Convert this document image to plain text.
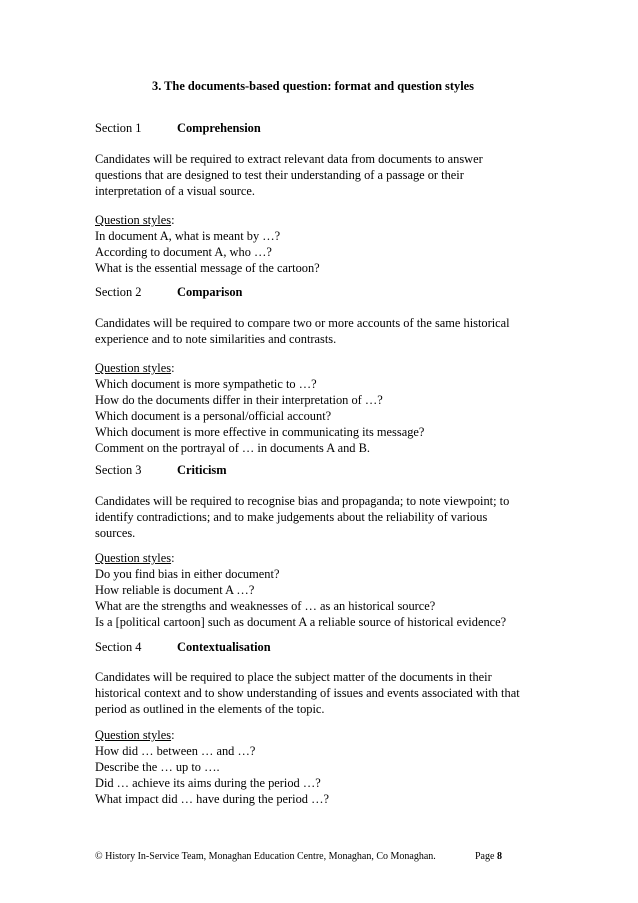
3. The documents-based question: format and question styles
Section 1	Comprehension
Candidates will be required to extract relevant data from documents to answer
questions that are designed to test their understanding of a passage or their
interpretation of a visual source.
Question styles:
In document A, what is meant by …?
According to document A, who …?
What is the essential message of the cartoon?
Section 2	Comparison
Candidates will be required to compare two or more accounts of the same historical
experience and to note similarities and contrasts.
Question styles:
Which document is more sympathetic to …?
How do the documents differ in their interpretation of …?
Which document is a personal/official account?
Which document is more effective in communicating its message?
Comment on the portrayal of … in documents A and B.
Section 3	Criticism
Candidates will be required to recognise bias and propaganda; to note viewpoint; to
identify contradictions; and to make judgements about the reliability of various
sources.
Question styles:
Do you find bias in either document?
How reliable is document A …?
What are the strengths and weaknesses of … as an historical source?
Is a [political cartoon] such as document A a reliable source of historical evidence?
Section 4	Contextualisation
Candidates will be required to place the subject matter of the documents in their
historical context and to show understanding of issues and events associated with that
period as outlined in the elements of the topic.
Question styles:
How did … between … and …?
Describe the … up to ….
Did … achieve its aims during the period …?
What impact did … have during the period …?
© History In-Service Team, Monaghan Education Centre, Monaghan, Co Monaghan.	Page 8
